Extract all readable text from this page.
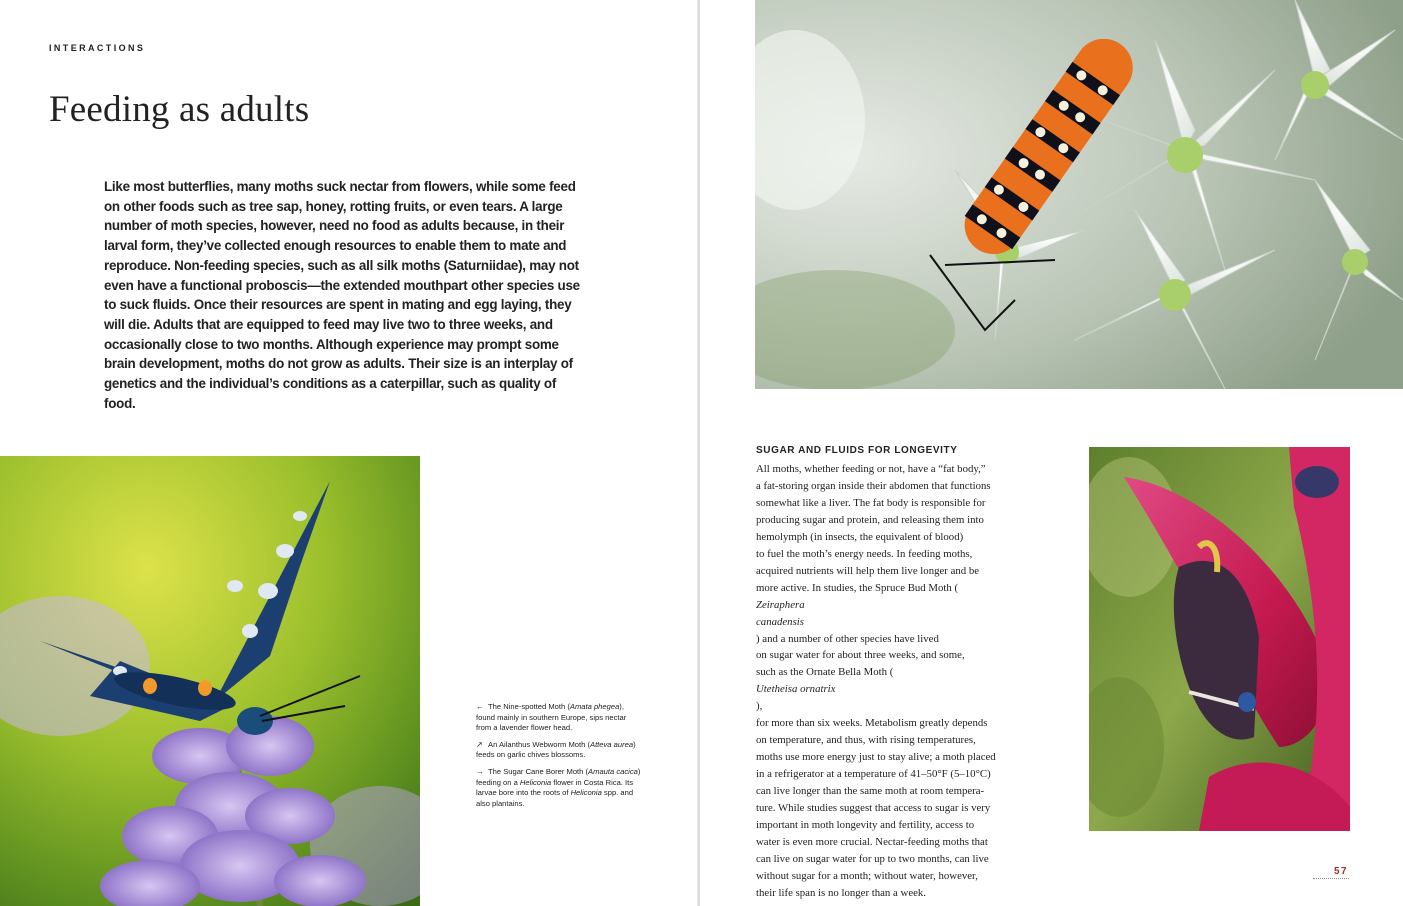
INTERACTIONS
Feeding as adults

Like most butterflies, many moths suck nectar from flowers, while some feed on other foods such as tree sap, honey, rotting fruits, or even tears. A large number of moth species, however, need no food as adults because, in their larval form, they’ve collected enough resources to enable them to mate and reproduce. Non-feeding species, such as all silk moths (Saturniidae), may not even have a functional proboscis—the extended mouthpart other species use to suck fluids. Once their resources are spent in mating and egg laying, they will die. Adults that are equipped to feed may live two to three weeks, and occasionally close to two months. Although experience may prompt some brain development, moths do not grow as adults. Their size is an interplay of genetics and the individual’s conditions as a caterpillar, such as quality of food.

← The Nine-spotted Moth (Amata phegea), found mainly in southern Europe, sips nectar from a lavender flower head.

↗ An Ailanthus Webworm Moth (Atteva aurea) feeds on garlic chives blossoms.

→ The Sugar Cane Borer Moth (Amauta cacica) feeding on a Heliconia flower in Costa Rica. Its larvae bore into the roots of Heliconia spp. and also plantains.

SUGAR AND FLUIDS FOR LONGEVITY
All moths, whether feeding or not, have a “fat body,”
a fat-storing organ inside their abdomen that functions
somewhat like a liver. The fat body is responsible for
producing sugar and protein, and releasing them into
hemolymph (in insects, the equivalent of blood)
to fuel the moth’s energy needs. In feeding moths,
acquired nutrients will help them live longer and be
more active. In studies, the Spruce Bud Moth (
Zeiraphera
canadensis
) and a number of other species have lived
on sugar water for about three weeks, and some,
such as the Ornate Bella Moth (
Utetheisa ornatrix
),
for more than six weeks. Metabolism greatly depends
on temperature, and thus, with rising temperatures,
moths use more energy just to stay alive; a moth placed
in a refrigerator at a temperature of 41–50°F (5–10°C)
can live longer than the same moth at room tempera-
ture. While studies suggest that access to sugar is very
important in moth longevity and fertility, access to
water is even more crucial. Nectar-feeding moths that
can live on sugar water for up to two months, can live
without sugar for a month; without water, however,
their life span is no longer than a week.
57
